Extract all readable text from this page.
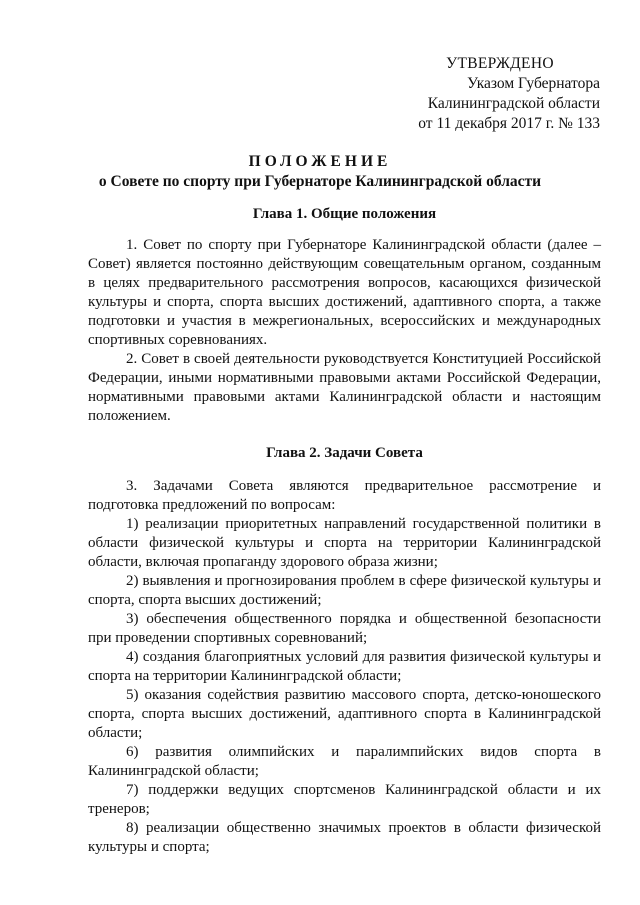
УТВЕРЖДЕНО
Указом Губернатора
Калининградской области
от 11 декабря 2017 г. № 133

ПОЛОЖЕНИЕ

о Совете по спорту при Губернаторе Калининградской области

Глава 1. Общие положения

1. Совет по спорту при Губернаторе Калининградской области (далее – Совет) является постоянно действующим совещательным органом, созданным в целях предварительного рассмотрения вопросов, касающихся физической культуры и спорта, спорта высших достижений, адаптивного спорта, а также подготовки и участия в межрегиональных, всероссийских и международных спортивных соревнованиях.

2. Совет в своей деятельности руководствуется Конституцией Российской Федерации, иными нормативными правовыми актами Российской Федерации, нормативными правовыми актами Калининградской области и настоящим положением.

Глава 2. Задачи Совета

3. Задачами Совета являются предварительное рассмотрение и подготовка предложений по вопросам:

1) реализации приоритетных направлений государственной политики в области физической культуры и спорта на территории Калининградской области, включая пропаганду здорового образа жизни;

2) выявления и прогнозирования проблем в сфере физической культуры и спорта, спорта высших достижений;

3) обеспечения общественного порядка и общественной безопасности при проведении спортивных соревнований;

4) создания благоприятных условий для развития физической культуры и спорта на территории Калининградской области;

5) оказания содействия развитию массового спорта, детско-юношеского спорта, спорта высших достижений, адаптивного спорта в Калининградской области;

6) развития олимпийских и паралимпийских видов спорта в Калининградской области;

7) поддержки ведущих спортсменов Калининградской области и их тренеров;

8) реализации общественно значимых проектов в области физической культуры и спорта;
